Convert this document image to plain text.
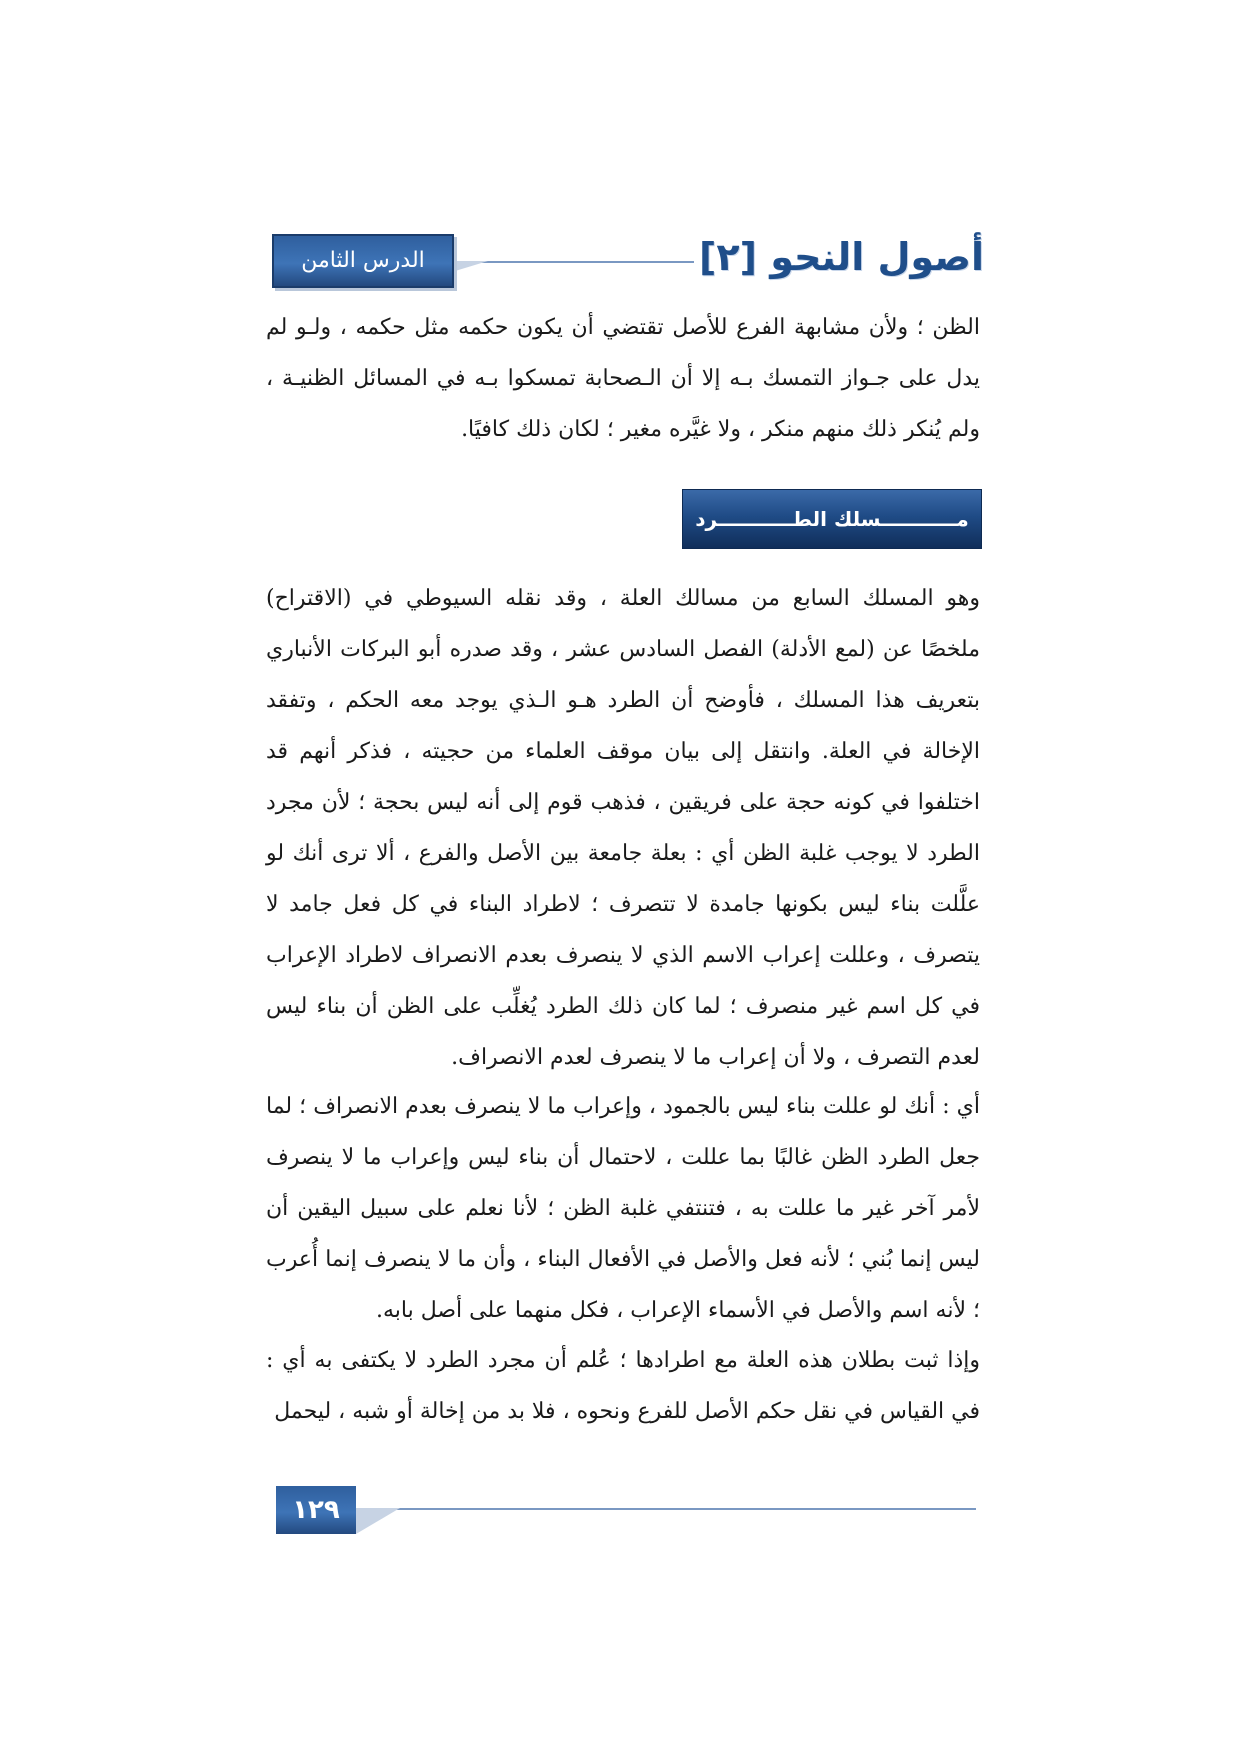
أصول النحو [٢]
الدرس الثامن

الظن ؛ ولأن مشابهة الفرع للأصل تقتضي أن يكون حكمه مثل حكمه ، ولـو لم يدل على جـواز التمسك بـه إلا أن الـصحابة تمسكوا بـه في المسائل الظنيـة ، ولم يُنكر ذلك منهم منكر ، ولا غيَّره مغير ؛ لكان ذلك كافيًا.

مـــــــــــسلك الطـــــــــــرد

وهو المسلك السابع من مسالك العلة ، وقد نقله السيوطي في (الاقتراح) ملخصًا عن (لمع الأدلة) الفصل السادس عشر ، وقد صدره أبو البركات الأنباري بتعريف هذا المسلك ، فأوضح أن الطرد هـو الـذي يوجد معه الحكم ، وتفقد الإخالة في العلة. وانتقل إلى بيان موقف العلماء من حجيته ، فذكر أنهم قد اختلفوا في كونه حجة على فريقين ، فذهب قوم إلى أنه ليس بحجة ؛ لأن مجرد الطرد لا يوجب غلبة الظن أي : بعلة جامعة بين الأصل والفرع ، ألا ترى أنك لو علَّلت بناء ليس بكونها جامدة لا تتصرف ؛ لاطراد البناء في كل فعل جامد لا يتصرف ، وعللت إعراب الاسم الذي لا ينصرف بعدم الانصراف لاطراد الإعراب في كل اسم غير منصرف ؛ لما كان ذلك الطرد يُغلِّب على الظن أن بناء ليس لعدم التصرف ، ولا أن إعراب ما لا ينصرف لعدم الانصراف.

أي : أنك لو عللت بناء ليس بالجمود ، وإعراب ما لا ينصرف بعدم الانصراف ؛ لما جعل الطرد الظن غالبًا بما عللت ، لاحتمال أن بناء ليس وإعراب ما لا ينصرف لأمر آخر غير ما عللت به ، فتنتفي غلبة الظن ؛ لأنا نعلم على سبيل اليقين أن ليس إنما بُني ؛ لأنه فعل والأصل في الأفعال البناء ، وأن ما لا ينصرف إنما أُعرب ؛ لأنه اسم والأصل في الأسماء الإعراب ، فكل منهما على أصل بابه.

وإذا ثبت بطلان هذه العلة مع اطرادها ؛ عُلم أن مجرد الطرد لا يكتفى به أي : في القياس في نقل حكم الأصل للفرع ونحوه ، فلا بد من إخالة أو شبه ، ليحمل

١٢٩
